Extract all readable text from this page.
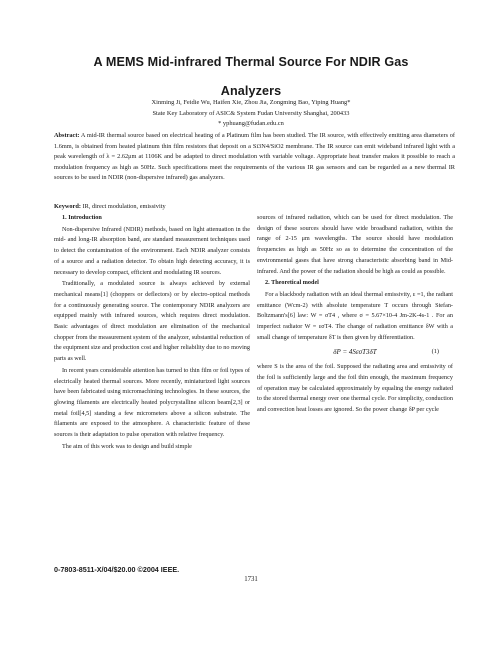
A MEMS Mid-infrared Thermal Source For NDIR Gas
Analyzers
Xinming Ji, Feidie Wu, Haifen Xie, Zhou Jia, Zongming Bao, Yiping Huang*
State Key Laboratory of ASIC& System Fudan University Shanghai, 200433
* yphuang@fudan.edu.cn
Abstract: A mid-IR thermal source based on electrical heating of a Platinum film has been studied. The IR source, with effectively emitting area diameters of 1.6mm, is obtained from heated platinum thin film resistors that deposit on a Si3N4/SiO2 membrane. The IR source can emit wideband infrared light with a peak wavelength of λ = 2.62μm at 1106K and be adapted to direct modulation with variable voltage. Appropriate heat transfer makes it possible to reach a modulation frequency as high as 50Hz. Such specifications meet the requirements of the various IR gas sensors and can be regarded as a new thermal IR sources to be used in NDIR (non-dispersive infrared) gas analyzers.
Keyword: IR, direct modulation, emissivity

1. Introduction

Non-dispersive Infrared (NDIR) methods, based on light attenuation in the mid- and long-IR absorption band, are standard measurement techniques used to detect the contamination of the environment. Each NDIR analyzer consists of a source and a radiation detector. To obtain high detecting accuracy, it is necessary to develop compact, efficient and modulating IR sources.

Traditionally, a modulated source is always achieved by external mechanical means[1] (choppers or deflectors) or by electro-optical methods for a continuously generating source. The contemporary NDIR analyzers are equipped mainly with infrared sources, which requires direct modulation. Basic advantages of direct modulation are elimination of the mechanical chopper from the measurement system of the analyzer, substantial reduction of the equipment size and production cost and higher reliability due to no moving parts as well.

In recent years considerable attention has turned to thin film or foil types of electrically heated thermal sources. More recently, miniaturized light sources have been fabricated using micromachining technologies. In these sources, the glowing filaments are electrically heated polycrystalline silicon beam[2,3] or metal foil[4,5] standing a few micrometers above a silicon substrate. The filaments are exposed to the atmosphere. A characteristic feature of these sources is their adaptation to pulse operation with relative frequency.

The aim of this work was to design and build simple

sources of infrared radiation, which can be used for direct modulation. The design of these sources should have wide broadband radiation, within the range of 2-15 μm wavelengths. The source should have modulation frequencies as high as 50Hz so as to determine the concentration of the environmental gases that have strong characteristic absorbing band in Mid-infrared. And the power of the radiation should be high as could as possible.

2. Theoretical model

For a blackbody radiation with an ideal thermal emissivity, ε =1, the radiant emittance (Wcm-2) with absolute temperature T occurs through Stefan-Boltzmann's[6] law: W = σT4 , where σ = 5.67×10-4 Jm-2K-4s-1 . For an imperfect radiator W = εσT4. The change of radiation emittance δW with a small change of temperature δT is then given by differentiation.

δP = 4SεσT3δT	(1)

where S is the area of the foil. Supposed the radiating area and emissivity of the foil is sufficiently large and the foil thin enough, the maximum frequency of operation may be calculated approximately by equaling the energy radiated to the stored thermal energy over one thermal cycle. For simplicity, conduction and convection heat losses are ignored. So the power change δP per cycle

0-7803-8511-X/04/$20.00 ©2004 IEEE.
1731
